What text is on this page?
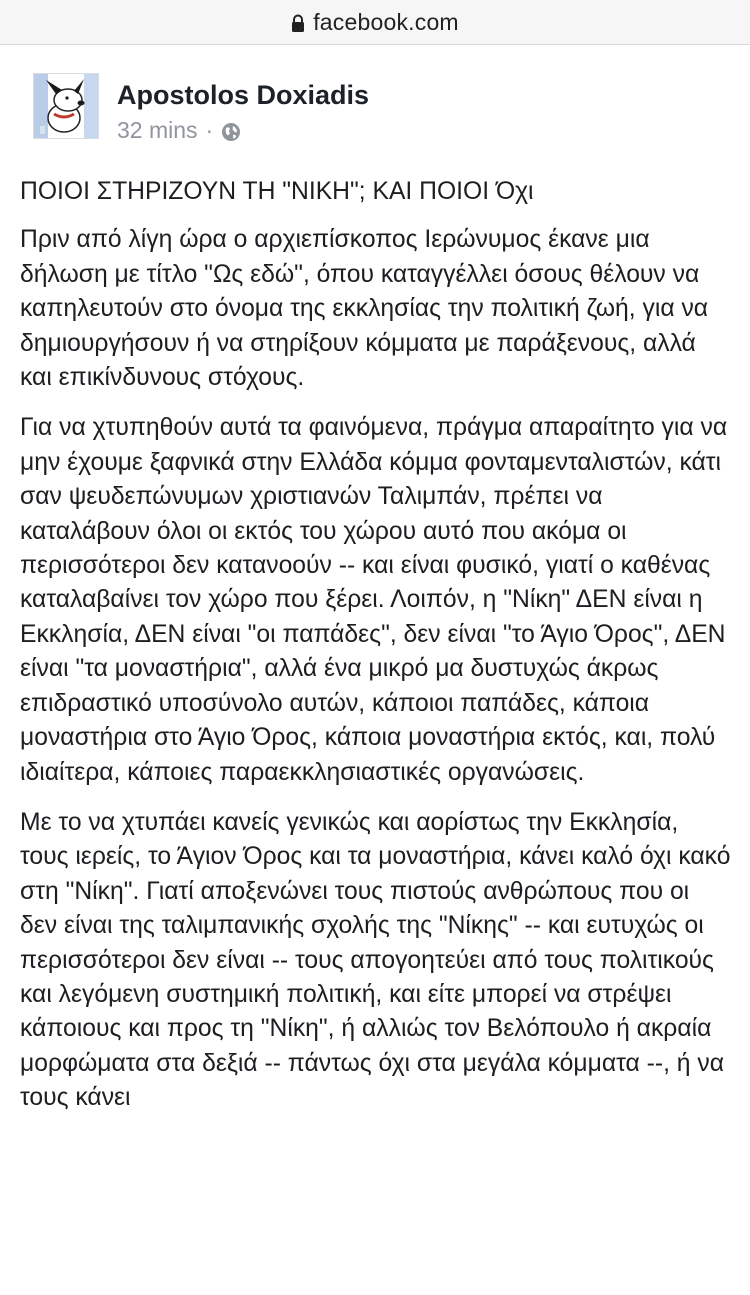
facebook.com
Apostolos Doxiadis
32 mins ·

ΠΟΙΟΙ ΣΤΗΡΙΖΟΥΝ ΤΗ "ΝΙΚΗ"; ΚΑΙ ΠΟΙΟΙ Όχι

Πριν από λίγη ώρα ο αρχιεπίσκοπος Ιερώνυμος έκανε μια δήλωση με τίτλο "Ως εδώ", όπου καταγγέλλει όσους θέλουν να καπηλευτούν στο όνομα της εκκλησίας την πολιτική ζωή, για να δημιουργήσουν ή να στηρίξουν κόμματα με παράξενους, αλλά και επικίνδυνους στόχους.

Για να χτυπηθούν αυτά τα φαινόμενα, πράγμα απαραίτητο για να μην έχουμε ξαφνικά στην Ελλάδα κόμμα φονταμενταλιστών, κάτι σαν ψευδεπώνυμων χριστιανών Ταλιμπάν, πρέπει να καταλάβουν όλοι οι εκτός του χώρου αυτό που ακόμα οι περισσότεροι δεν κατανοούν -- και είναι φυσικό, γιατί ο καθένας καταλαβαίνει τον χώρο που ξέρει. Λοιπόν, η "Νίκη" ΔΕΝ είναι η Εκκλησία, ΔΕΝ είναι "οι παπάδες", δεν είναι "το Άγιο Όρος", ΔΕΝ είναι "τα μοναστήρια", αλλά ένα μικρό μα δυστυχώς άκρως επιδραστικό υποσύνολο αυτών, κάποιοι παπάδες, κάποια μοναστήρια στο Άγιο Όρος, κάποια μοναστήρια εκτός, και, πολύ ιδιαίτερα, κάποιες παραεκκλησιαστικές οργανώσεις.

Με το να χτυπάει κανείς γενικώς και αορίστως την Εκκλησία, τους ιερείς, το Άγιον Όρος και τα μοναστήρια, κάνει καλό όχι κακό στη "Νίκη". Γιατί αποξενώνει τους πιστούς ανθρώπους που οι δεν είναι της ταλιμπανικής σχολής της "Νίκης" -- και ευτυχώς οι περισσότεροι δεν είναι -- τους απογοητεύει από τους πολιτικούς και λεγόμενη συστημική πολιτική, και είτε μπορεί να στρέψει κάποιους και προς τη "Νίκη", ή αλλιώς τον Βελόπουλο ή ακραία μορφώματα στα δεξιά -- πάντως όχι στα μεγάλα κόμματα --, ή να τους κάνει
